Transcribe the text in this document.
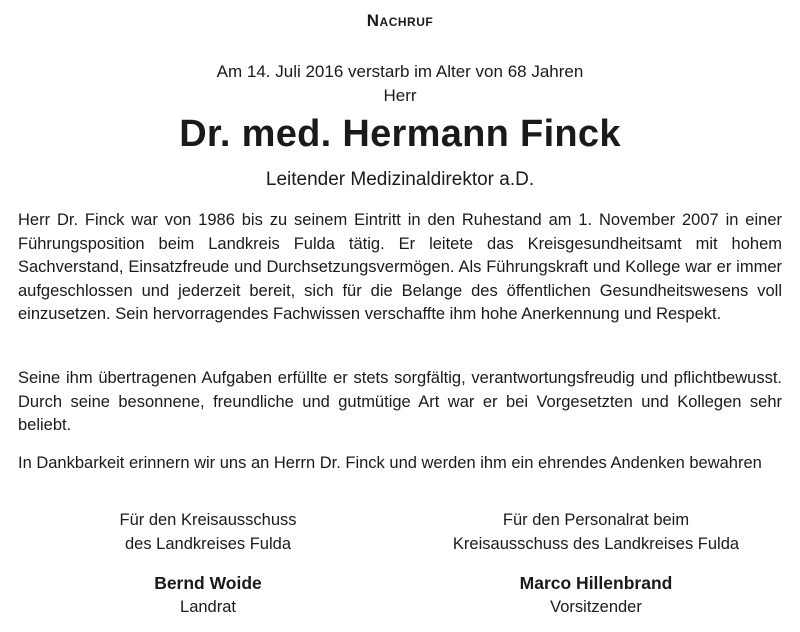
Nachruf
Am 14. Juli 2016 verstarb im Alter von 68 Jahren
Herr
Dr. med. Hermann Finck
Leitender Medizinaldirektor a.D.

Herr Dr. Finck war von 1986 bis zu seinem Eintritt in den Ruhestand am 1. November 2007 in einer Führungsposition beim Landkreis Fulda tätig. Er leitete das Kreisgesundheitsamt mit hohem Sachverstand, Einsatzfreude und Durchsetzungsvermögen. Als Führungskraft und Kollege war er immer aufgeschlossen und jederzeit bereit, sich für die Belange des öffentlichen Gesundheitswesens voll einzusetzen. Sein hervorragendes Fachwissen verschaffte ihm hohe Anerkennung und Respekt.

Seine ihm übertragenen Aufgaben erfüllte er stets sorgfältig, verantwortungsfreudig und pflichtbewusst. Durch seine besonnene, freundliche und gutmütige Art war er bei Vorgesetzten und Kollegen sehr beliebt.

In Dankbarkeit erinnern wir uns an Herrn Dr. Finck und werden ihm ein ehrendes Andenken bewahren

Für den Kreisausschuss
des Landkreises Fulda
Bernd Woide
Landrat
Für den Personalrat beim
Kreisausschuss des Landkreises Fulda
Marco Hillenbrand
Vorsitzender
